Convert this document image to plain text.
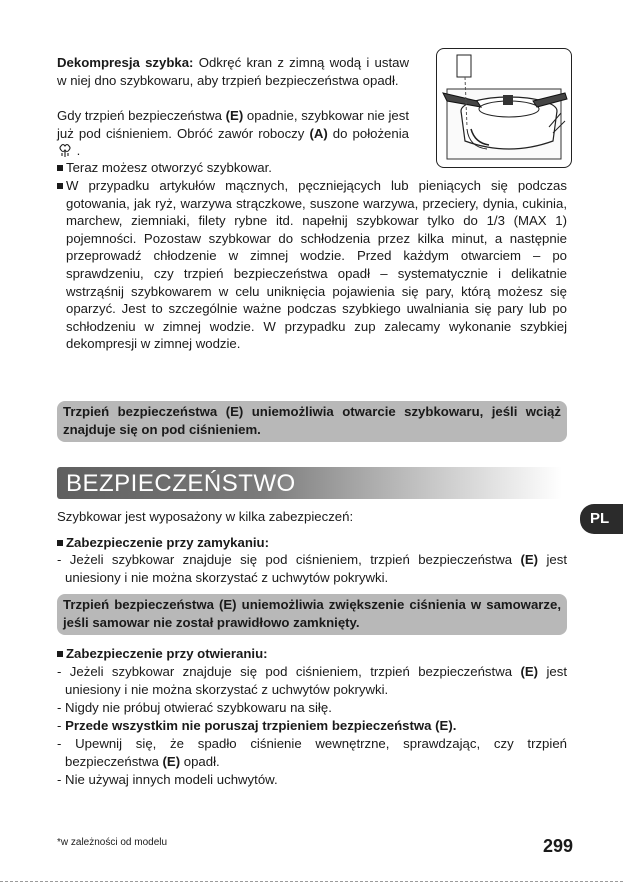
Dekompresja szybka: Odkręć kran z zimną wodą i ustaw w niej dno szybkowaru, aby trzpień bezpieczeństwa opadł.
Gdy trzpień bezpieczeństwa (E) opadnie, szybkowar nie jest już pod ciśnieniem. Obróć zawór roboczy (A) do położenia  .
Teraz możesz otworzyć szybkowar.
W przypadku artykułów mącznych, pęczniejących lub pieniących się podczas gotowania, jak ryż, warzywa strączkowe, suszone warzywa, przeciery, dynia, cukinia, marchew, ziemniaki, filety rybne itd. napełnij szybkowar tylko do 1/3 (MAX 1) pojemności. Pozostaw szybkowar do schłodzenia przez kilka minut, a następnie przeprowadź chłodzenie w zimnej wodzie. Przed każdym otwarciem – po sprawdzeniu, czy trzpień bezpieczeństwa opadł – systematycznie i delikatnie wstrząśnij szybkowarem w celu uniknięcia pojawienia się pary, którą możesz się oparzyć. Jest to szczególnie ważne podczas szybkiego uwalniania się pary lub po schłodzeniu w zimnej wodzie. W przypadku zup zalecamy wykonanie szybkiej dekompresji w zimnej wodzie.
Trzpień bezpieczeństwa (E) uniemożliwia otwarcie szybkowaru, jeśli wciąż znajduje się on pod ciśnieniem.
BEZPIECZEŃSTWO
PL
Szybkowar jest wyposażony w kilka zabezpieczeń:
Zabezpieczenie przy zamykaniu:
- Jeżeli szybkowar znajduje się pod ciśnieniem, trzpień bezpieczeństwa (E) jest uniesiony i nie można skorzystać z uchwytów pokrywki.
Trzpień bezpieczeństwa (E) uniemożliwia zwiększenie ciśnienia w samowarze, jeśli samowar nie został prawidłowo zamknięty.
Zabezpieczenie przy otwieraniu:
- Jeżeli szybkowar znajduje się pod ciśnieniem, trzpień bezpieczeństwa (E) jest uniesiony i nie można skorzystać z uchwytów pokrywki.
- Nigdy nie próbuj otwierać szybkowaru na siłę.
- Przede wszystkim nie poruszaj trzpieniem bezpieczeństwa (E).
- Upewnij się, że spadło ciśnienie wewnętrzne, sprawdzając, czy trzpień bezpieczeństwa (E) opadł.
- Nie używaj innych modeli uchwytów.
*w zależności od modelu	299
